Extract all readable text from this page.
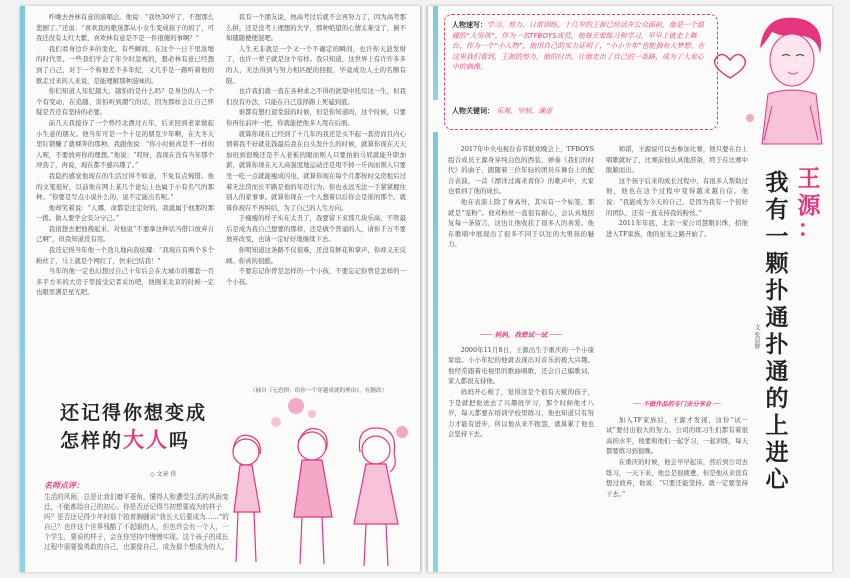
咋晚去吾林有意的演唱会。他说：“我快30岁了，不想那么悲剧了。”还说：“喜欢我的歌迷都从小女生变成孩子的妈了，可我还没有太红大紫，喜欢林有意是不是一件很傻的事啊？”

我们看身边许多的变化，有些瞬间，在这个一日千里浓缩的时代里，一些我们学会了年少时忽视的，想必林有意已经想到了自己，对于一个和他差不多年纪，又几乎是一路听着他的歌走过来的人来说，是能理解那种滋味的。

你们知道人年纪越大，越怕的是什么吗？是身边的人一个个有变动，在追随、害怕听到潮气的话，因为那样会让自己怀疑是否还有坚持的必要。

前几天我接待了一个曾经北漂过五年，后来回到老家做起小生意的朋友。他当年可是一个十足的朋克少年啊，在大冬天里钉锁赚了就裸奔的那种。我跟他说：“你小时候真是不一样的人呢，不要放弃你的理想。”他说：“哎呀，我现在没有当年那个冲劲了，再说，现在都不感兴趣了。”

我隐约感觉他现在的生活过得不如意，不免有点惋惜。他的文笔很好，以前他在网上某几个论坛上也属于小有名气的那种。“你要是写点小说什么的，说不定能出名呢。”

他却笑着说：“人哪，命都是注定好的，我就属于他那的那一拨。做人要学会安分守己。”

我很想去把他拽起来，对他说“不要拿这种话当借口放弃自己啊”，但我知道没有用。

我还记得当年他一个劲儿地向我炫耀：“我现在有两个多个粉丝了，马上就是个网红了，快来巴结我！”

当年的他一定也幻想过自己十年后会在大城市的哪套一百多平方米的大房子里接受记者采访吧，他刚来北京的时候一定也眼里满是星光吧。

我有一个朋友说，他高考过后就不会再努力了，因为高考那么拼，还是没考上理想的大学，那种绝望的心情太难受了，倒不如随随便便混吧。

人生无非就是一个又一个不确定的瞬间，也许你天波发财了，也许一辈子就是这个穷样。我只知道，这世界上有许许多多的人，无法得到与努力相匹配的回报，毕竟成功人士的名额有限。

也许我们就一直在各种求之不得的欲望中托尽这一生，但我们没有办法，只能在自己选择路上死磕到底。

谁都有想打退堂鼓的时候，但是你知道吗，这个时候，只要你再往前冲一把，你就能把他多人甩在后面。

就算你现在已经到了十几年的我还是买不起一套房而且内心情着我不好就花钱最后我在白头发什么的时候，就算你现在天天加班到很晚还是不入老板的眼而则人只要拍拍马屁就能升职加薪，就算你现在天天高强度地运动还是甩不掉一斤肉而则人只要坐一吃一点就能瘦成闪电，就算你现在每个月都按时交房租后过着无法贷而长平路是他的年迈行为，你也永远无法一手紧紧握住别人的家事事。就算你现在一个人想着以后你会是谁的那个。就算你现在不再纠结，为了自己的人生方向。

于瘦瘦的样子实在太丑了，我要留下来那几块乐高，不管最后是成为我自己想要的那样，还是做个普通的人，请你千万不要放弃改变，也请一定好好地继续下去。

你明知道这条路不仅很难，还没有鲜花和掌声，你却义无反顾。你真的很酷。

不要忘记你曾是怎样的一个小孩，不要忘记你曾是怎样的一个小孩。

（摘自《无恐惧：给你一个穿越成就的理由》，有删改）
还记得你想变成
怎样的大人吗
◇ 文章 佚
名师点评：
生活的风雨，总是让我们磨平菱角，懂得人和遭受生活的风雨变迁，不能都给自己的初心。你是否还记得当初想要成为的样子吗？是否还记得少年时那个拍着胸脯说“我长大后要成为……”的自己？也许这个世界残酷了不起眼的人，但也许会有一个人，一个学生，要说的样子，会在你坚持中慢慢实现。这个孩子的成长过程中需要像勇敢的自己，也要像自己，成为那个想成为的人。
人物速写：学习、努力、日常训练，十几岁的王源已经活在公众面前，他是一个温暖的“大男孩”。作为一名TFBOYS成员，他每天要练习和学习，早早上就走上舞台，作为一个“小人物”，他用自己的实力证明了，“小小少年”也能拥有大梦想。在这里我们看到，王源的努力，他的付出，让他走出了自己的一条路，成为了大家心中的偶像。
人物关键词： 乐观、坚韧、谦虚

2017年中央电视台春节联欢晚会上，TFBOYS组合成员王源身穿纯白色的西装，弹奏《我们的时代》的曲子，跟随着三位年轻的团员在舞台上的配合表演，一首《漂洋过海来看你》的歌声中，大家也看到了他的成长。

他在表演上除了身高外，其实有一个标签，那就是“宠粉”。他对粉丝一直很有耐心，会认真地回复每一条留言，这也让他收获了很多人的喜爱。他在歌唱中展现出了很多不同于以往的大男孩的魅力。

─── 妈妈，我想试一试 ───

2000年11月8日，王源出生于重庆的一个小康家庭。小小年纪的他就表现出对音乐的极大兴趣。他经常跟着电视里的歌曲唱歌，还会自己编歌词，家人都很支持他。

妈妈开心极了，觉得这是个很有天赋的孩子，于是就把他送去了兴趣班学习，那个时候他才八岁，每天都要在培训学校里练习，他也知道只有努力才能有进步，所以他从来不抱怨，就算累了他也会坚持下去。

师诺，王源说可以去参加比赛，他只要在台上唱歌就好了，比赛前他认真地准备，终于在比赛中脱颖而出。

这个孩子后来的成长过程中，有很多人帮助过他，他也在这个过程中变得越来越自信。他说：“我能成为今天的自己，是因为我有一个很好的团队，还有一直支持我的粉丝。”

2011年年底，北京一家公司慧眼识珠，招他进入TF家族，他的星光之路开始了。

── 不做作品的专门去分享会 ──

加入TF家族后，王源才发现，这份“试一试”要付出很大的努力。公司的练习生们都有着很高的水平，他要和他们一起学习，一起训练，每天都要练习到很晚。

在重庆的时候，他会早早起床，然后到公司去练习，一天下来，他总是很疲惫，但是他从来没有想过放弃，他说：“只要还能坚持，就一定要坚持下去。”

王
源
：
我
有
一
颗
扑
通
扑
通
的
上
进
心
文 张晨辉
